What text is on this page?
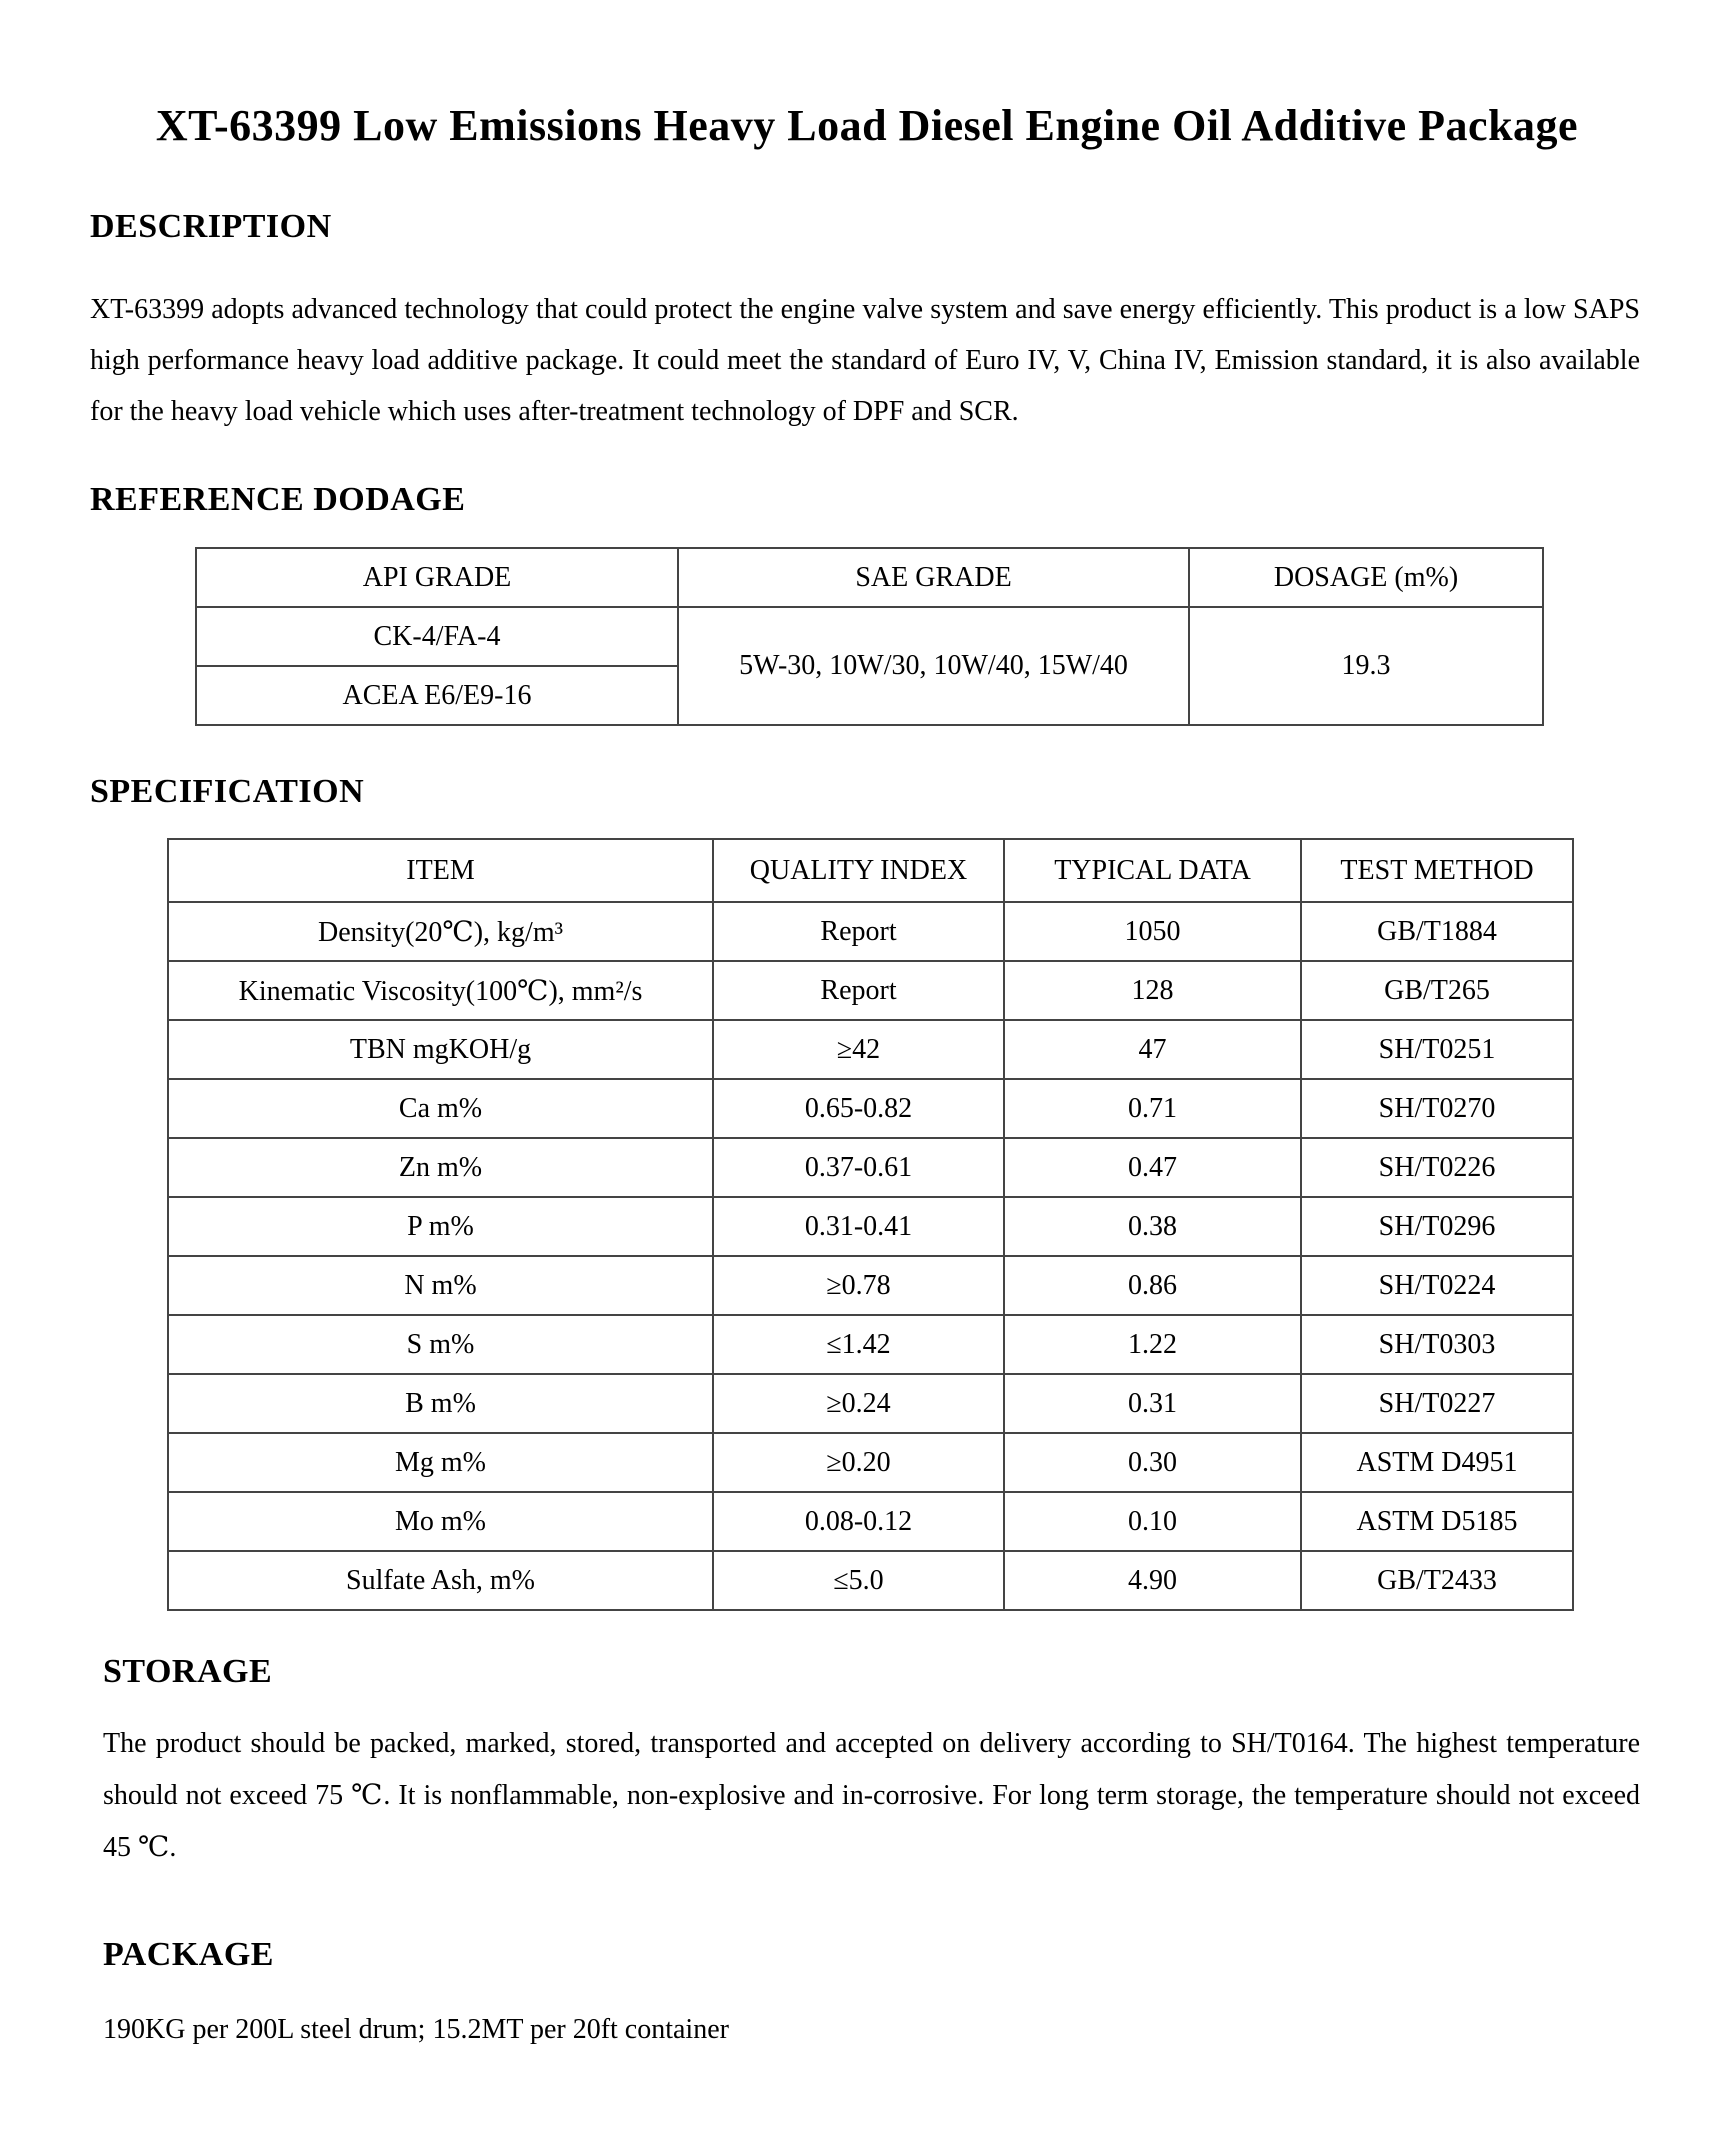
XT-63399 Low Emissions Heavy Load Diesel Engine Oil Additive Package
DESCRIPTION
XT-63399 adopts advanced technology that could protect the engine valve system and save energy efficiently. This product is a low SAPS high performance heavy load additive package. It could meet the standard of Euro IV, V, China IV, Emission standard, it is also available for the heavy load vehicle which uses after-treatment technology of DPF and SCR.
REFERENCE DODAGE
API GRADE	SAE GRADE	DOSAGE (m%)
CK-4/FA-4	5W-30, 10W/30, 10W/40, 15W/40	19.3
ACEA E6/E9-16		
SPECIFICATION
ITEM	QUALITY INDEX	TYPICAL DATA	TEST METHOD
Density(20℃), kg/m³	Report	1050	GB/T1884
Kinematic Viscosity(100℃), mm²/s	Report	128	GB/T265
TBN mgKOH/g	≥42	47	SH/T0251
Ca m%	0.65-0.82	0.71	SH/T0270
Zn m%	0.37-0.61	0.47	SH/T0226
P m%	0.31-0.41	0.38	SH/T0296
N m%	≥0.78	0.86	SH/T0224
S m%	≤1.42	1.22	SH/T0303
B m%	≥0.24	0.31	SH/T0227
Mg m%	≥0.20	0.30	ASTM D4951
Mo m%	0.08-0.12	0.10	ASTM D5185
Sulfate Ash, m%	≤5.0	4.90	GB/T2433
STORAGE
The product should be packed, marked, stored, transported and accepted on delivery according to SH/T0164. The highest temperature should not exceed 75 ℃. It is nonflammable, non-explosive and in-corrosive. For long term storage, the temperature should not exceed 45 ℃.
PACKAGE
190KG per 200L steel drum; 15.2MT per 20ft container
